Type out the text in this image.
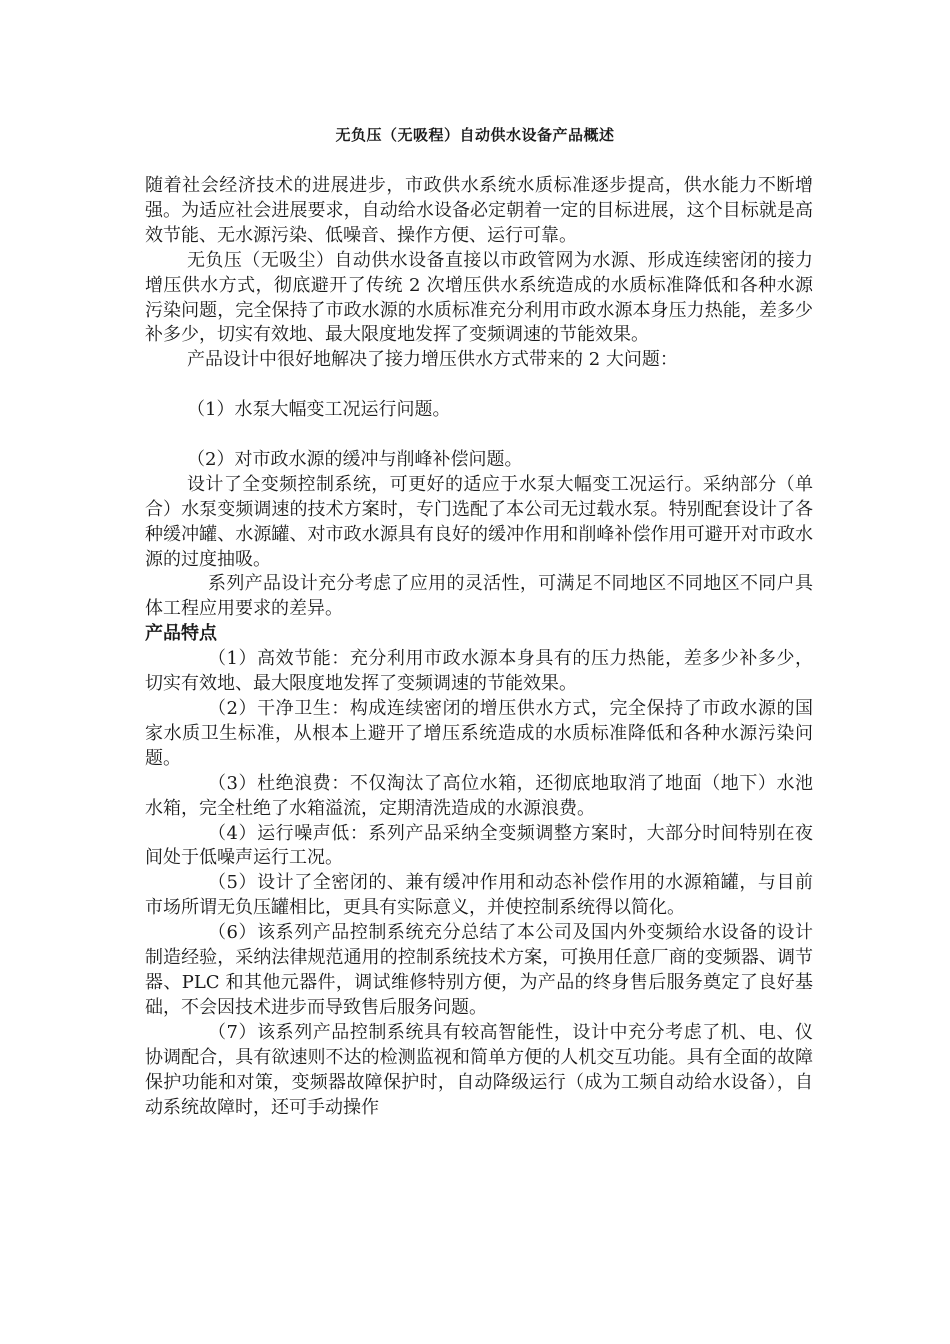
无负压（无吸程）自动供水设备产品概述

随着社会经济技术的进展进步，市政供水系统水质标准逐步提高，供水能力不断增强。为适应社会进展要求，自动给水设备必定朝着一定的目标进展，这个目标就是高效节能、无水源污染、低噪音、操作方便、运行可靠。

无负压（无吸尘）自动供水设备直接以市政管网为水源、形成连续密闭的接力增压供水方式，彻底避开了传统 2 次增压供水系统造成的水质标准降低和各种水源污染问题，完全保持了市政水源的水质标准充分利用市政水源本身压力热能，差多少补多少，切实有效地、最大限度地发挥了变频调速的节能效果。

产品设计中很好地解决了接力增压供水方式带来的 2 大问题：

（1）水泵大幅变工况运行问题。

（2）对市政水源的缓冲与削峰补偿问题。

设计了全变频控制系统，可更好的适应于水泵大幅变工况运行。采纳部分（单合）水泵变频调速的技术方案时，专门选配了本公司无过载水泵。特别配套设计了各种缓冲罐、水源罐、对市政水源具有良好的缓冲作用和削峰补偿作用可避开对市政水源的过度抽吸。

系列产品设计充分考虑了应用的灵活性，可满足不同地区不同地区不同户具体工程应用要求的差异。

产品特点

（1）高效节能：充分利用市政水源本身具有的压力热能，差多少补多少，切实有效地、最大限度地发挥了变频调速的节能效果。

（2）干净卫生：构成连续密闭的增压供水方式，完全保持了市政水源的国家水质卫生标准，从根本上避开了增压系统造成的水质标准降低和各种水源污染问题。

（3）杜绝浪费：不仅淘汰了高位水箱，还彻底地取消了地面（地下）水池水箱，完全杜绝了水箱溢流，定期清洗造成的水源浪费。

（4）运行噪声低：系列产品采纳全变频调整方案时，大部分时间特别在夜间处于低噪声运行工况。

（5）设计了全密闭的、兼有缓冲作用和动态补偿作用的水源箱罐，与目前市场所谓无负压罐相比，更具有实际意义，并使控制系统得以简化。

（6）该系列产品控制系统充分总结了本公司及国内外变频给水设备的设计制造经验，采纳法律规范通用的控制系统技术方案，可换用任意厂商的变频器、调节器、PLC 和其他元器件，调试维修特别方便，为产品的终身售后服务奠定了良好基础，不会因技术进步而导致售后服务问题。

（7）该系列产品控制系统具有较高智能性，设计中充分考虑了机、电、仪协调配合，具有欲速则不达的检测监视和简单方便的人机交互功能。具有全面的故障保护功能和对策，变频器故障保护时，自动降级运行（成为工频自动给水设备），自动系统故障时，还可手动操作
